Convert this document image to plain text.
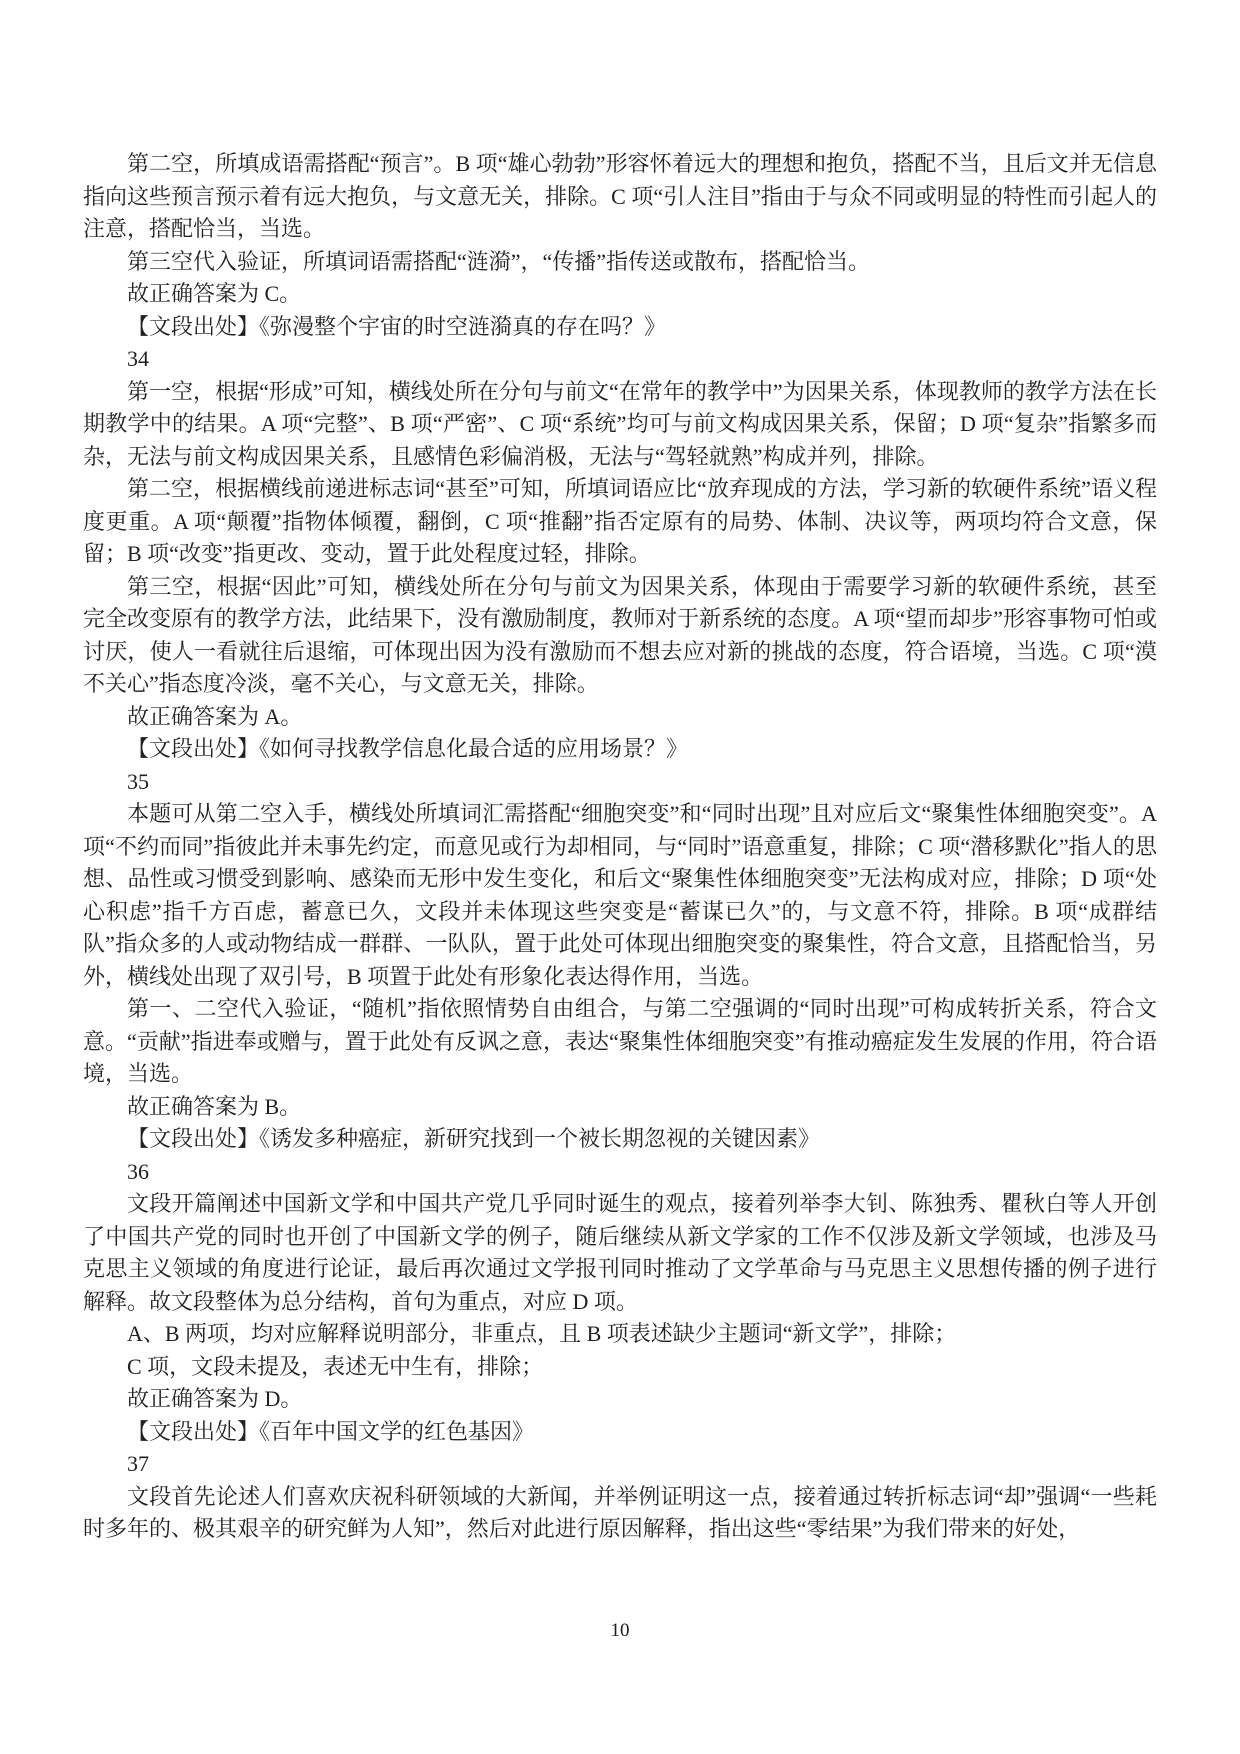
第二空，所填成语需搭配“预言”。B 项“雄心勃勃”形容怀着远大的理想和抱负，搭配不当，且后文并无信息指向这些预言预示着有远大抱负，与文意无关，排除。C 项“引人注目”指由于与众不同或明显的特性而引起人的注意，搭配恰当，当选。

第三空代入验证，所填词语需搭配“涟漪”，“传播”指传送或散布，搭配恰当。

故正确答案为 C。

【文段出处】《弥漫整个宇宙的时空涟漪真的存在吗？》

34

第一空，根据“形成”可知，横线处所在分句与前文“在常年的教学中”为因果关系，体现教师的教学方法在长期教学中的结果。A 项“完整”、B 项“严密”、C 项“系统”均可与前文构成因果关系，保留；D 项“复杂”指繁多而杂，无法与前文构成因果关系，且感情色彩偏消极，无法与“驾轻就熟”构成并列，排除。

第二空，根据横线前递进标志词“甚至”可知，所填词语应比“放弃现成的方法，学习新的软硬件系统”语义程度更重。A 项“颠覆”指物体倾覆，翻倒，C 项“推翻”指否定原有的局势、体制、决议等，两项均符合文意，保留；B 项“改变”指更改、变动，置于此处程度过轻，排除。

第三空，根据“因此”可知，横线处所在分句与前文为因果关系，体现由于需要学习新的软硬件系统，甚至完全改变原有的教学方法，此结果下，没有激励制度，教师对于新系统的态度。A 项“望而却步”形容事物可怕或讨厌，使人一看就往后退缩，可体现出因为没有激励而不想去应对新的挑战的态度，符合语境，当选。C 项“漠不关心”指态度冷淡，毫不关心，与文意无关，排除。

故正确答案为 A。

【文段出处】《如何寻找教学信息化最合适的应用场景？》

35

本题可从第二空入手，横线处所填词汇需搭配“细胞突变”和“同时出现”且对应后文“聚集性体细胞突变”。A 项“不约而同”指彼此并未事先约定，而意见或行为却相同，与“同时”语意重复，排除；C 项“潜移默化”指人的思想、品性或习惯受到影响、感染而无形中发生变化，和后文“聚集性体细胞突变”无法构成对应，排除；D 项“处心积虑”指千方百虑，蓄意已久，文段并未体现这些突变是“蓄谋已久”的，与文意不符，排除。B 项“成群结队”指众多的人或动物结成一群群、一队队，置于此处可体现出细胞突变的聚集性，符合文意，且搭配恰当，另外，横线处出现了双引号，B 项置于此处有形象化表达得作用，当选。

第一、二空代入验证，“随机”指依照情势自由组合，与第二空强调的“同时出现”可构成转折关系，符合文意。“贡献”指进奉或赠与，置于此处有反讽之意，表达“聚集性体细胞突变”有推动癌症发生发展的作用，符合语境，当选。

故正确答案为 B。

【文段出处】《诱发多种癌症，新研究找到一个被长期忽视的关键因素》

36

文段开篇阐述中国新文学和中国共产党几乎同时诞生的观点，接着列举李大钊、陈独秀、瞿秋白等人开创了中国共产党的同时也开创了中国新文学的例子，随后继续从新文学家的工作不仅涉及新文学领域，也涉及马克思主义领域的角度进行论证，最后再次通过文学报刊同时推动了文学革命与马克思主义思想传播的例子进行解释。故文段整体为总分结构，首句为重点，对应 D 项。

A、B 两项，均对应解释说明部分，非重点，且 B 项表述缺少主题词“新文学”，排除；

C 项，文段未提及，表述无中生有，排除；

故正确答案为 D。

【文段出处】《百年中国文学的红色基因》

37

文段首先论述人们喜欢庆祝科研领域的大新闻，并举例证明这一点，接着通过转折标志词“却”强调“一些耗时多年的、极其艰辛的研究鲜为人知”，然后对此进行原因解释，指出这些“零结果”为我们带来的好处，

10
